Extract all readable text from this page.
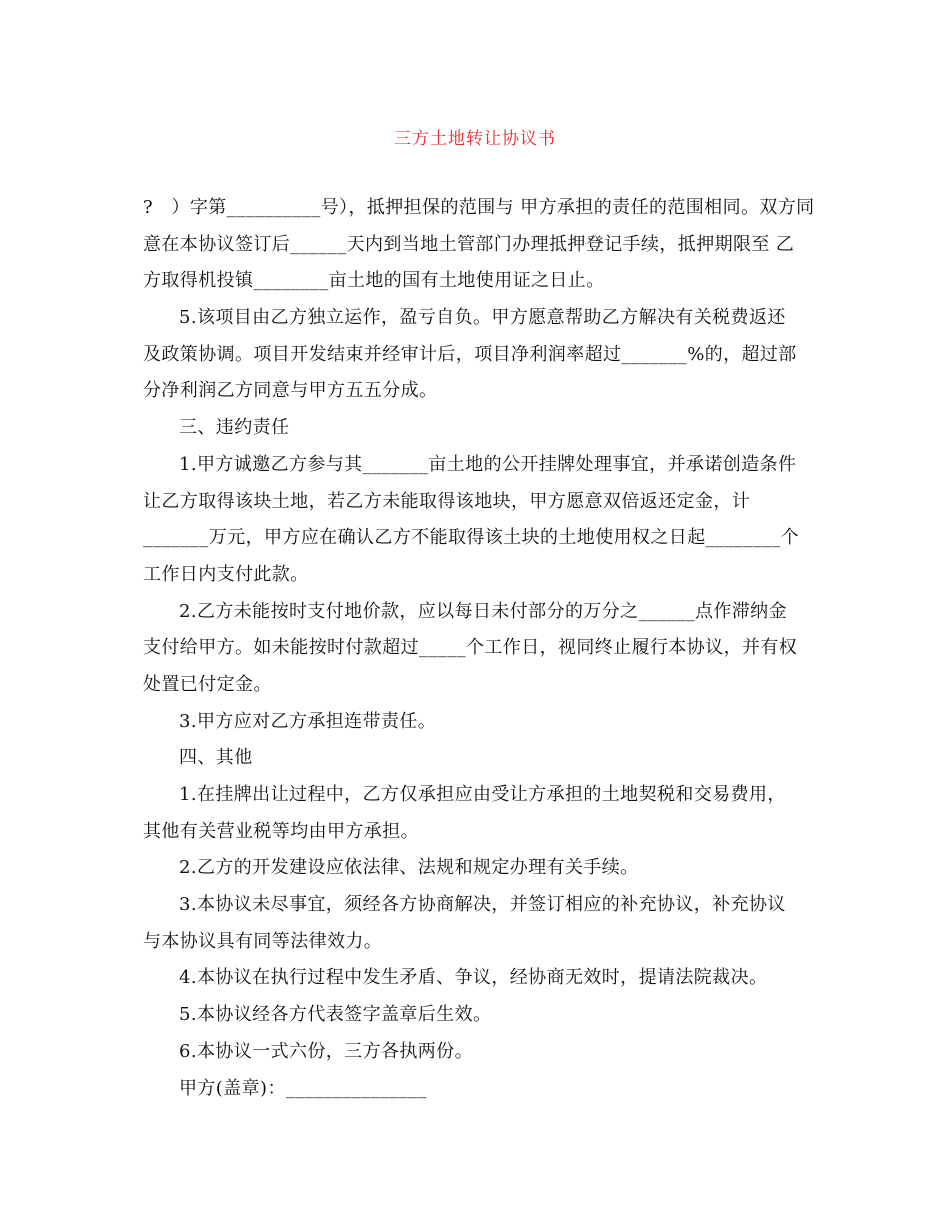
三方土地转让协议书
?　）字第__________号），抵押担保的范围与 甲方承担的责任的范围相同。双方同
意在本协议签订后______天内到当地土管部门办理抵押登记手续，抵押期限至 乙
方取得机投镇________亩土地的国有土地使用证之日止。
5.该项目由乙方独立运作，盈亏自负。甲方愿意帮助乙方解决有关税费返还
及政策协调。项目开发结束并经审计后，项目净利润率超过_______%的，超过部
分净利润乙方同意与甲方五五分成。
三、违约责任
1.甲方诚邀乙方参与其_______亩土地的公开挂牌处理事宜，并承诺创造条件
让乙方取得该块土地，若乙方未能取得该地块，甲方愿意双倍返还定金，计
_______万元，甲方应在确认乙方不能取得该土块的土地使用权之日起________个
工作日内支付此款。
2.乙方未能按时支付地价款，应以每日未付部分的万分之______点作滞纳金
支付给甲方。如未能按时付款超过_____个工作日，视同终止履行本协议，并有权
处置已付定金。
3.甲方应对乙方承担连带责任。
四、其他
1.在挂牌出让过程中，乙方仅承担应由受让方承担的土地契税和交易费用，
其他有关营业税等均由甲方承担。
2.乙方的开发建设应依法律、法规和规定办理有关手续。
3.本协议未尽事宜，须经各方协商解决，并签订相应的补充协议，补充协议
与本协议具有同等法律效力。
4.本协议在执行过程中发生矛盾、争议，经协商无效时，提请法院裁决。
5.本协议经各方代表签字盖章后生效。
6.本协议一式六份，三方各执两份。
甲方(盖章)：_______________
